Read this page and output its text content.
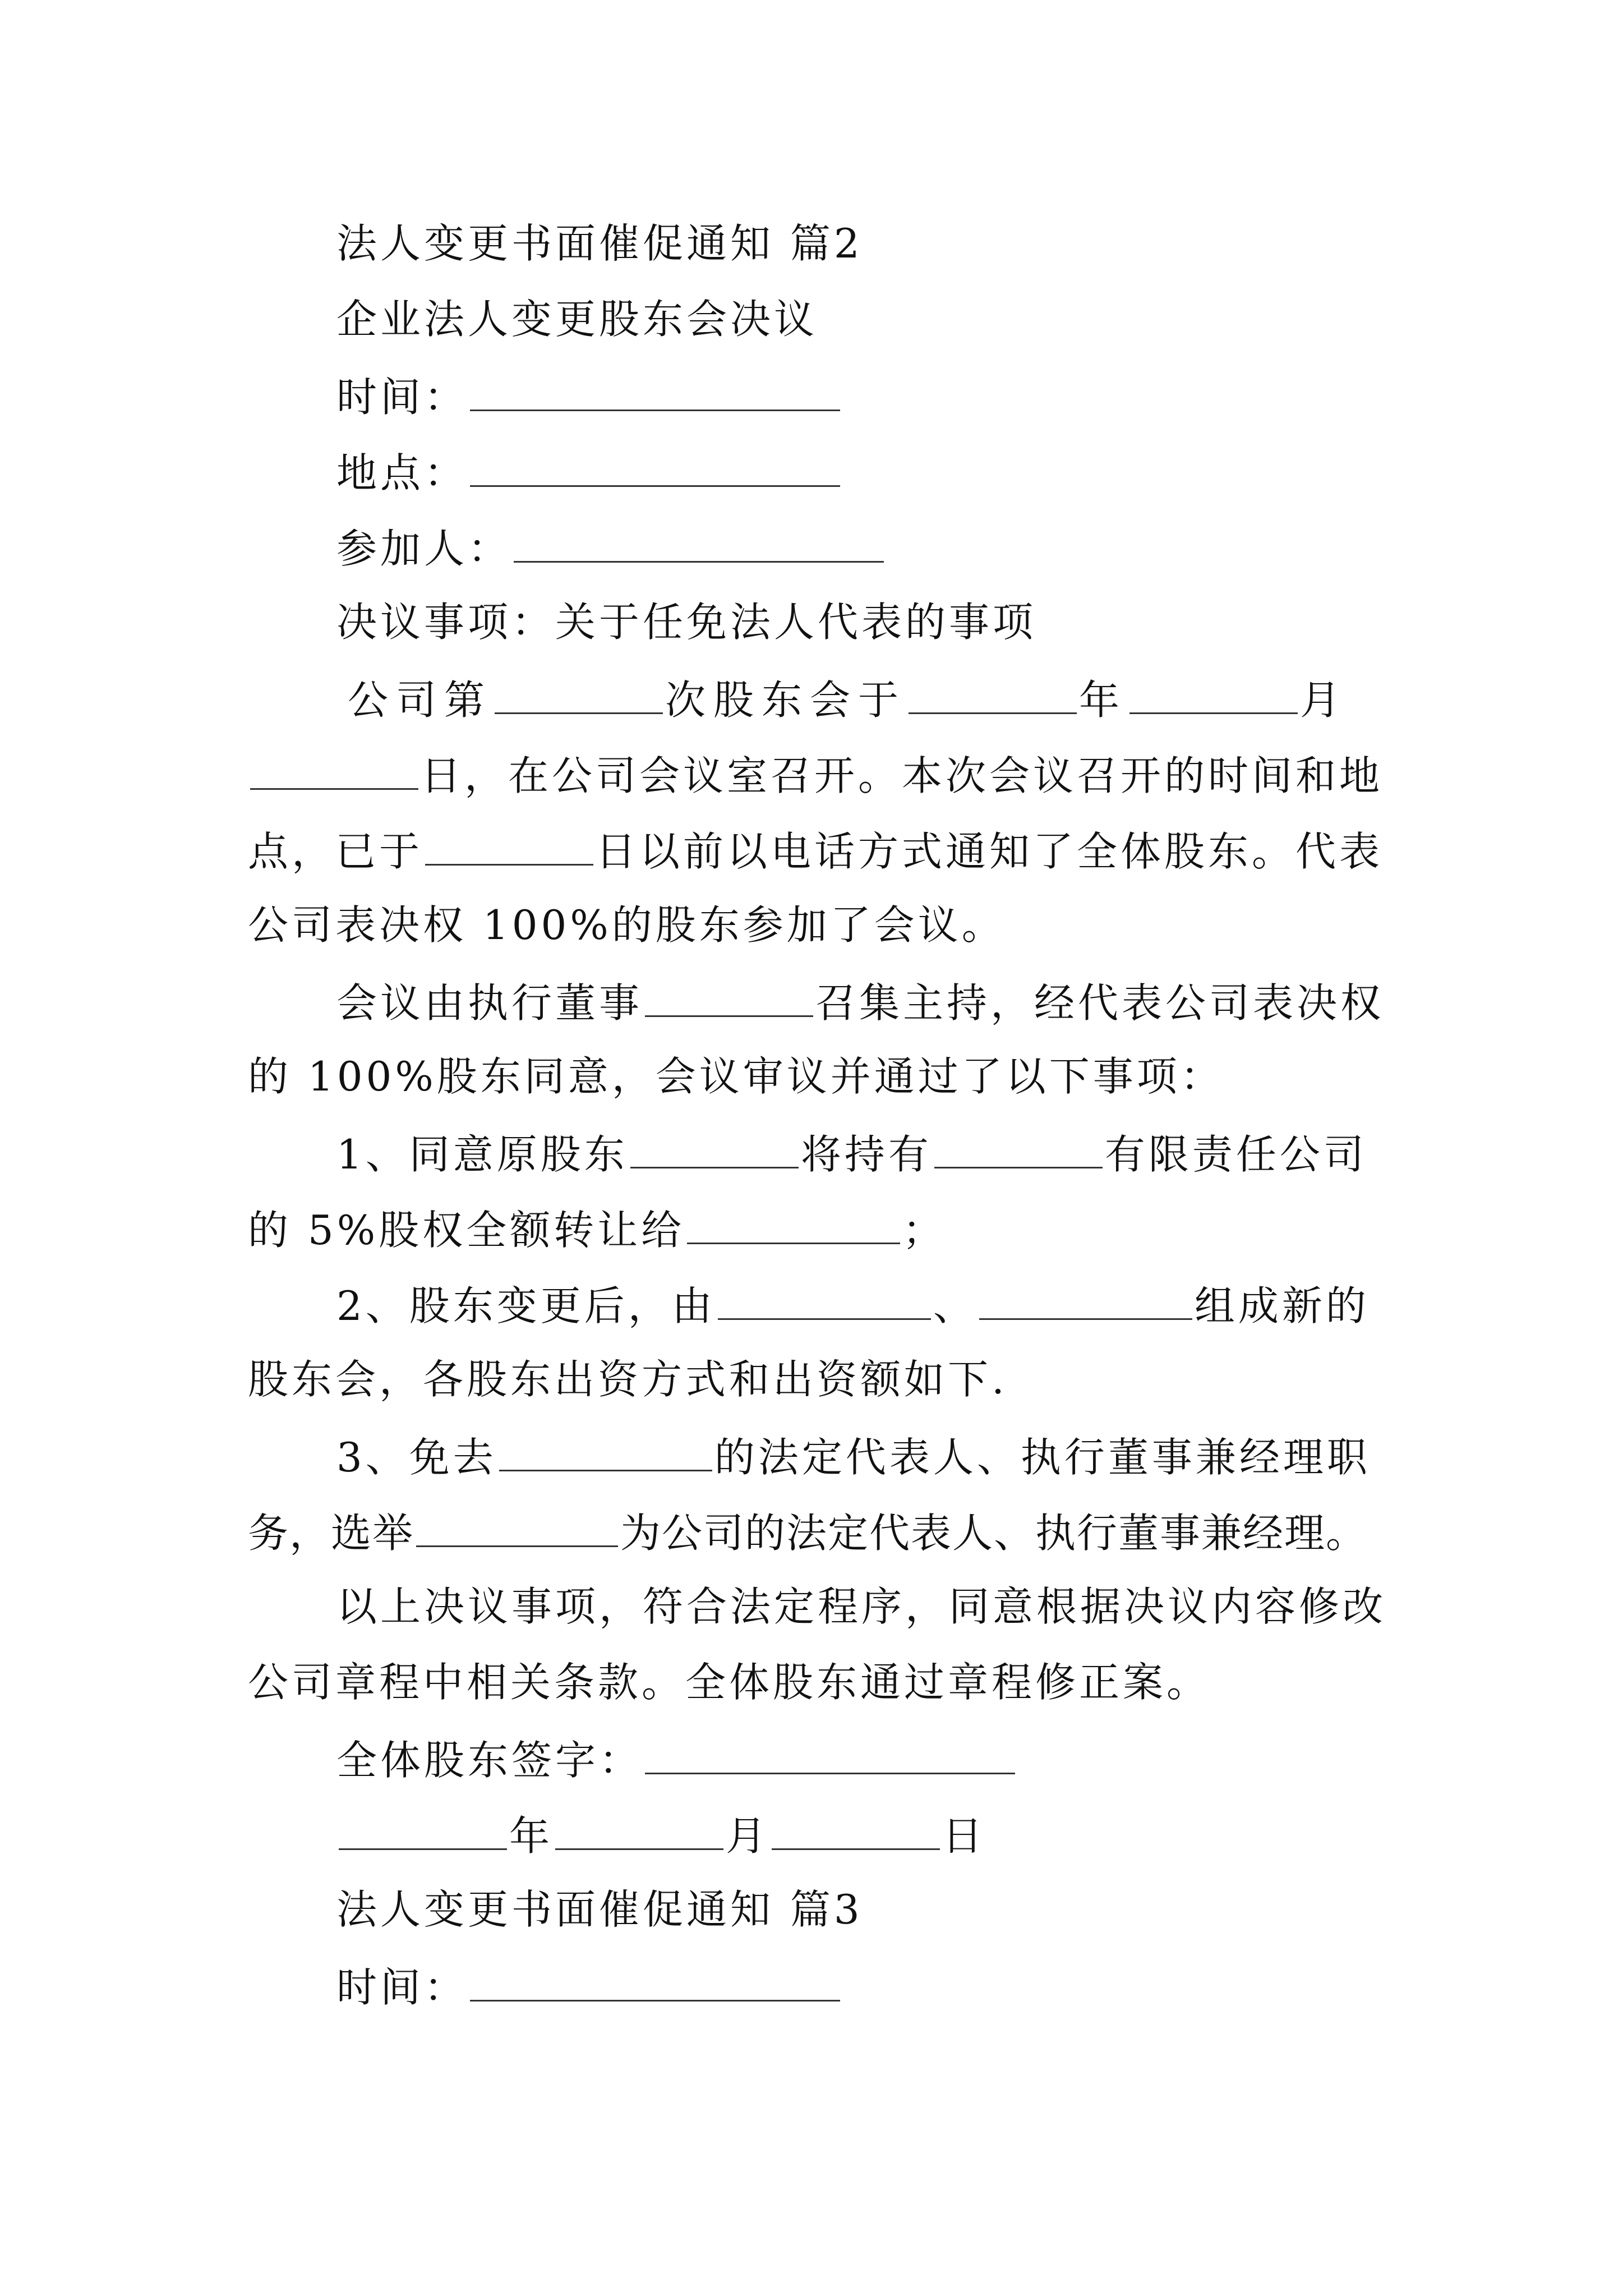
法人变更书面催促通知 篇2
企业法人变更股东会决议
时间：
地点：
参加人：
决议事项：关于任免法人代表的事项
公司第	次股东会于	年	月
日，在公司会议室召开。本次会议召开的时间和地
点，已于	日以前以电话方式通知了全体股东。代表
公司表决权 100%的股东参加了会议。
会议由执行董事	召集主持，经代表公司表决权
的 100%股东同意，会议审议并通过了以下事项：
1、同意原股东	将持有	有限责任公司
的 5%股权全额转让给	；
2、股东变更后，由	、	组成新的
股东会，各股东出资方式和出资额如下.
3、免去	的法定代表人、执行董事兼经理职
务，选举	为公司的法定代表人、执行董事兼经理。
以上决议事项，符合法定程序，同意根据决议内容修改
公司章程中相关条款。全体股东通过章程修正案。
全体股东签字：
年	月	日
法人变更书面催促通知 篇3
时间：
